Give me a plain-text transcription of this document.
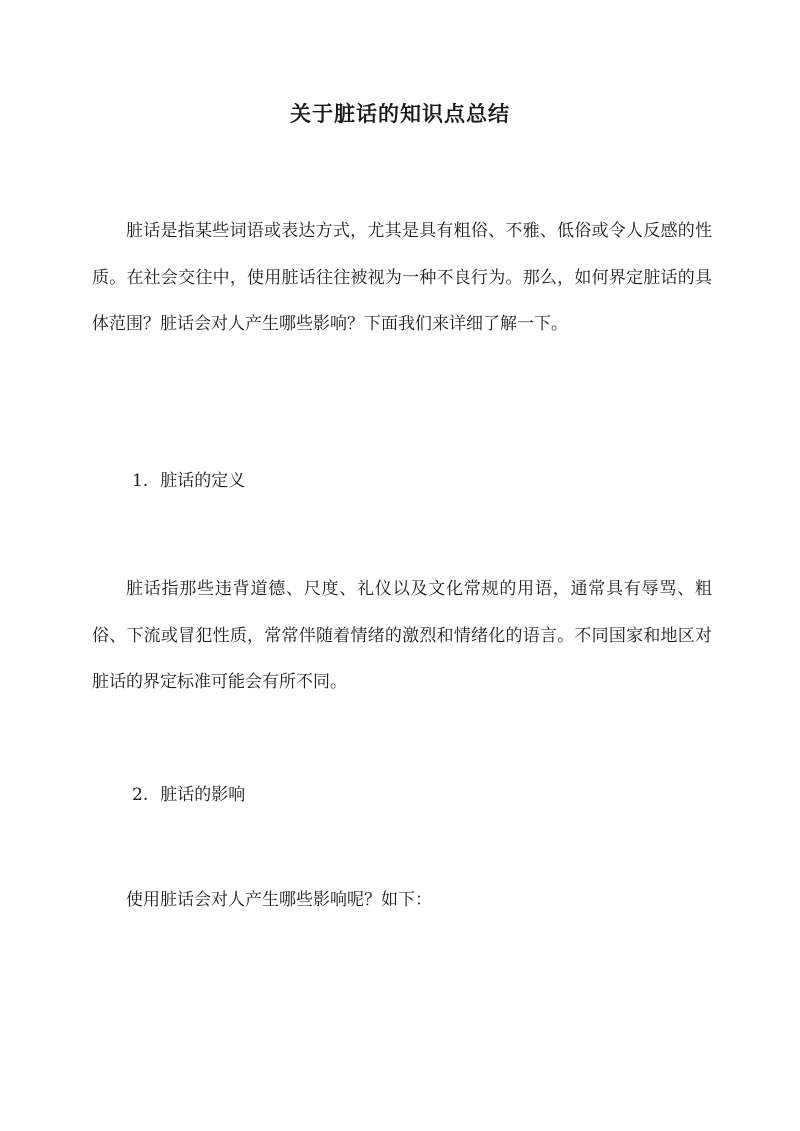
关于脏话的知识点总结

脏话是指某些词语或表达方式，尤其是具有粗俗、不雅、低俗或令人反感的性质。在社会交往中，使用脏话往往被视为一种不良行为。那么，如何界定脏话的具体范围？脏话会对人产生哪些影响？下面我们来详细了解一下。

1. 脏话的定义

脏话指那些违背道德、尺度、礼仪以及文化常规的用语，通常具有辱骂、粗俗、下流或冒犯性质，常常伴随着情绪的激烈和情绪化的语言。不同国家和地区对脏话的界定标准可能会有所不同。

2. 脏话的影响

使用脏话会对人产生哪些影响呢？如下：
